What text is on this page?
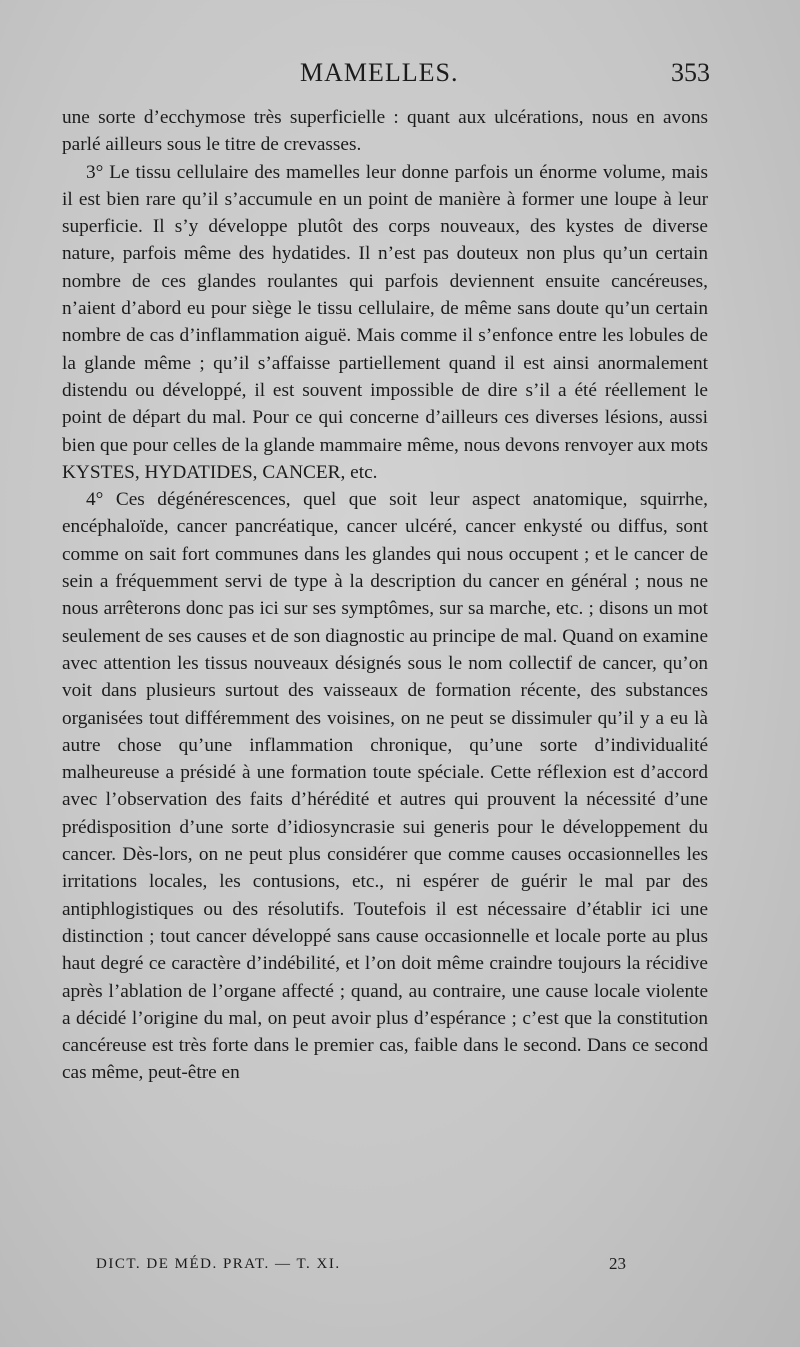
MAMELLES.	353

une sorte d’ecchymose très superficielle : quant aux ulcérations, nous en avons parlé ailleurs sous le titre de crevasses.

3° Le tissu cellulaire des mamelles leur donne parfois un énorme volume, mais il est bien rare qu’il s’accumule en un point de manière à former une loupe à leur superficie. Il s’y développe plutôt des corps nouveaux, des kystes de diverse nature, parfois même des hydatides. Il n’est pas douteux non plus qu’un certain nombre de ces glandes roulantes qui parfois deviennent ensuite cancéreuses, n’aient d’abord eu pour siège le tissu cellulaire, de même sans doute qu’un certain nombre de cas d’inflammation aiguë. Mais comme il s’enfonce entre les lobules de la glande même ; qu’il s’affaisse partiellement quand il est ainsi anormalement distendu ou développé, il est souvent impossible de dire s’il a été réellement le point de départ du mal. Pour ce qui concerne d’ailleurs ces diverses lésions, aussi bien que pour celles de la glande mammaire même, nous devons renvoyer aux mots KYSTES, HYDATIDES, CANCER, etc.

4° Ces dégénérescences, quel que soit leur aspect anatomique, squirrhe, encéphaloïde, cancer pancréatique, cancer ulcéré, cancer enkysté ou diffus, sont comme on sait fort communes dans les glandes qui nous occupent ; et le cancer de sein a fréquemment servi de type à la description du cancer en général ; nous ne nous arrêterons donc pas ici sur ses symptômes, sur sa marche, etc. ; disons un mot seulement de ses causes et de son diagnostic au principe de mal. Quand on examine avec attention les tissus nouveaux désignés sous le nom collectif de cancer, qu’on voit dans plusieurs surtout des vaisseaux de formation récente, des substances organisées tout différemment des voisines, on ne peut se dissimuler qu’il y a eu là autre chose qu’une inflammation chronique, qu’une sorte d’individualité malheureuse a présidé à une formation toute spéciale. Cette réflexion est d’accord avec l’observation des faits d’hérédité et autres qui prouvent la nécessité d’une prédisposition d’une sorte d’idiosyncrasie sui generis pour le développement du cancer. Dès-lors, on ne peut plus considérer que comme causes occasionnelles les irritations locales, les contusions, etc., ni espérer de guérir le mal par des antiphlogistiques ou des résolutifs. Toutefois il est nécessaire d’établir ici une distinction ; tout cancer développé sans cause occasionnelle et locale porte au plus haut degré ce caractère d’indébilité, et l’on doit même craindre toujours la récidive après l’ablation de l’organe affecté ; quand, au contraire, une cause locale violente a décidé l’origine du mal, on peut avoir plus d’espérance ; c’est que la constitution cancéreuse est très forte dans le premier cas, faible dans le second. Dans ce second cas même, peut-être en

DICT. DE MÉD. PRAT. — T. XI.	23
